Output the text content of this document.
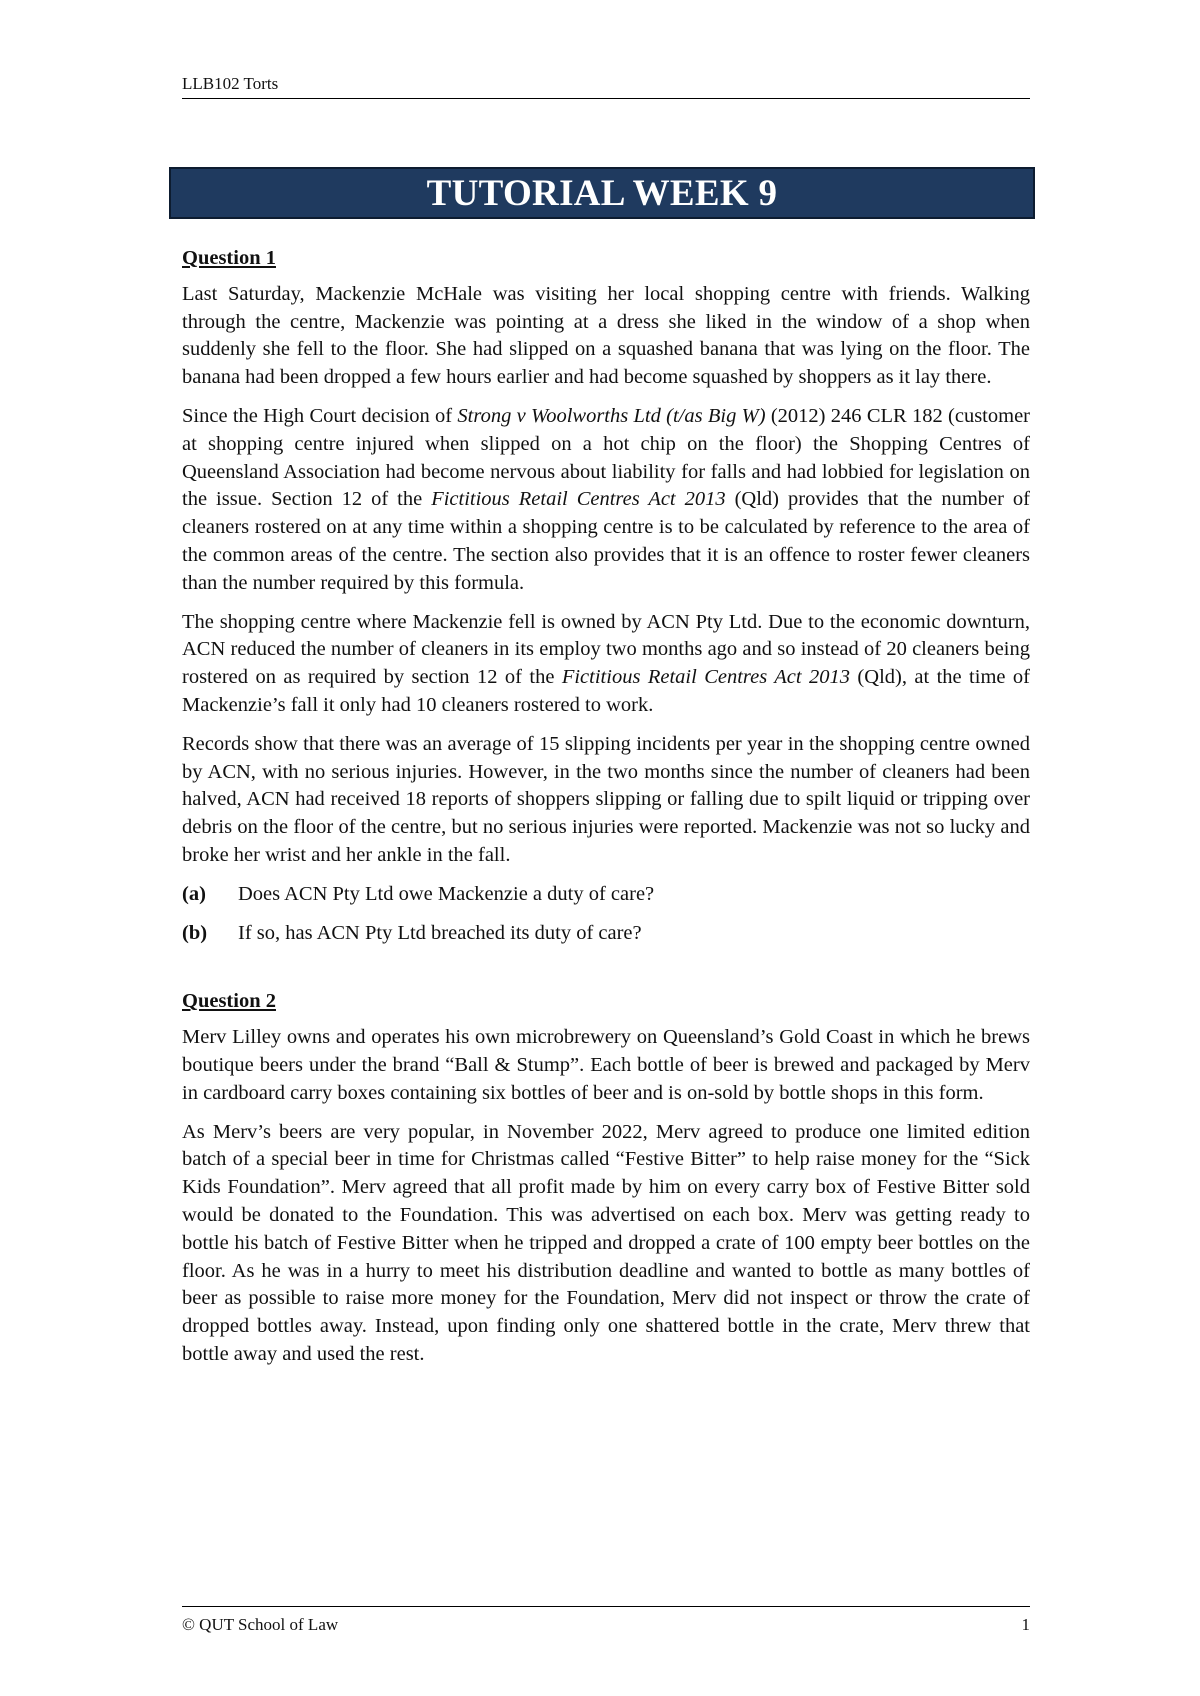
LLB102 Torts
TUTORIAL WEEK 9
Question 1

Last Saturday, Mackenzie McHale was visiting her local shopping centre with friends. Walking through the centre, Mackenzie was pointing at a dress she liked in the window of a shop when suddenly she fell to the floor. She had slipped on a squashed banana that was lying on the floor. The banana had been dropped a few hours earlier and had become squashed by shoppers as it lay there.

Since the High Court decision of Strong v Woolworths Ltd (t/as Big W) (2012) 246 CLR 182 (customer at shopping centre injured when slipped on a hot chip on the floor) the Shopping Centres of Queensland Association had become nervous about liability for falls and had lobbied for legislation on the issue. Section 12 of the Fictitious Retail Centres Act 2013 (Qld) provides that the number of cleaners rostered on at any time within a shopping centre is to be calculated by reference to the area of the common areas of the centre. The section also provides that it is an offence to roster fewer cleaners than the number required by this formula.

The shopping centre where Mackenzie fell is owned by ACN Pty Ltd. Due to the economic downturn, ACN reduced the number of cleaners in its employ two months ago and so instead of 20 cleaners being rostered on as required by section 12 of the Fictitious Retail Centres Act 2013 (Qld), at the time of Mackenzie’s fall it only had 10 cleaners rostered to work.

Records show that there was an average of 15 slipping incidents per year in the shopping centre owned by ACN, with no serious injuries. However, in the two months since the number of cleaners had been halved, ACN had received 18 reports of shoppers slipping or falling due to spilt liquid or tripping over debris on the floor of the centre, but no serious injuries were reported. Mackenzie was not so lucky and broke her wrist and her ankle in the fall.

(a)	Does ACN Pty Ltd owe Mackenzie a duty of care?
(b)	If so, has ACN Pty Ltd breached its duty of care?
Question 2

Merv Lilley owns and operates his own microbrewery on Queensland’s Gold Coast in which he brews boutique beers under the brand “Ball & Stump”. Each bottle of beer is brewed and packaged by Merv in cardboard carry boxes containing six bottles of beer and is on-sold by bottle shops in this form.

As Merv’s beers are very popular, in November 2022, Merv agreed to produce one limited edition batch of a special beer in time for Christmas called “Festive Bitter” to help raise money for the “Sick Kids Foundation”. Merv agreed that all profit made by him on every carry box of Festive Bitter sold would be donated to the Foundation. This was advertised on each box. Merv was getting ready to bottle his batch of Festive Bitter when he tripped and dropped a crate of 100 empty beer bottles on the floor. As he was in a hurry to meet his distribution deadline and wanted to bottle as many bottles of beer as possible to raise more money for the Foundation, Merv did not inspect or throw the crate of dropped bottles away. Instead, upon finding only one shattered bottle in the crate, Merv threw that bottle away and used the rest.

© QUT School of Law	1
